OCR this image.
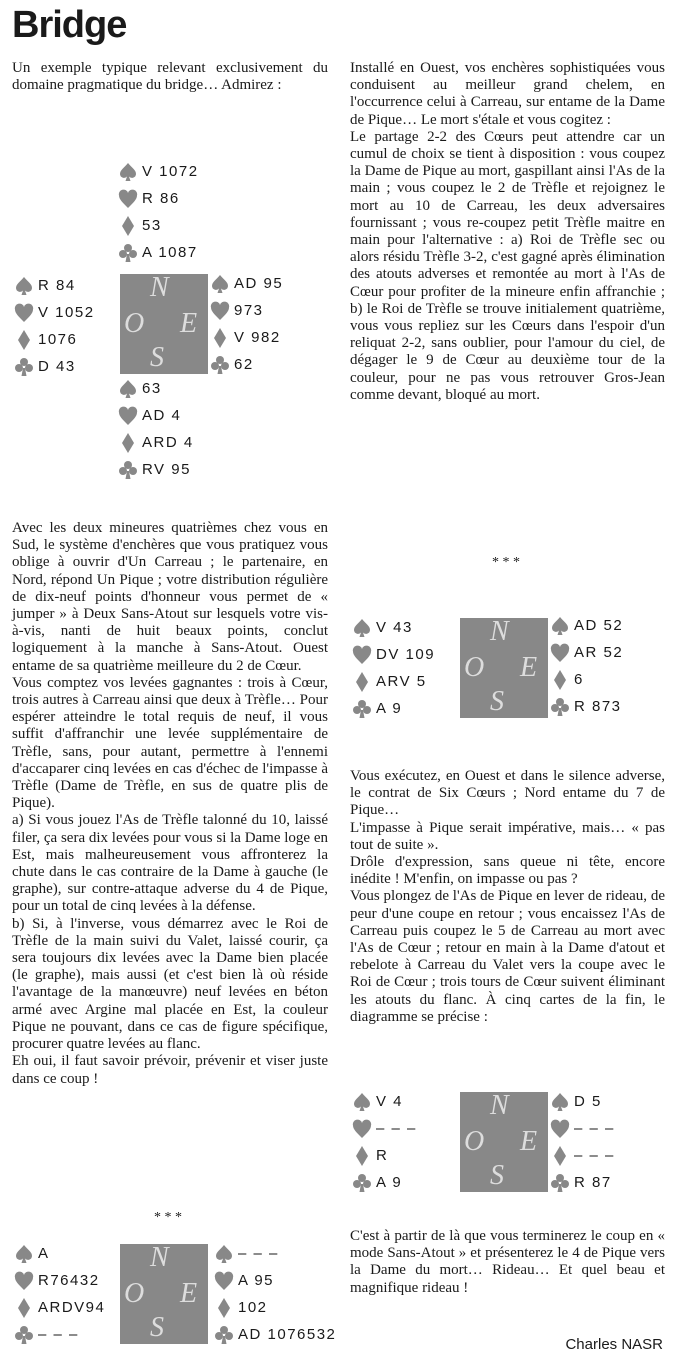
Bridge
Un exemple typique relevant exclusivement du domaine pragmatique du bridge… Admirez :
Avec les deux mineures quatrièmes chez vous en Sud, le système d'enchères que vous pratiquez vous oblige à ouvrir d'Un Carreau ; le partenaire, en Nord, répond Un Pique ; votre distribution régulière de dix-neuf points d'honneur vous permet de « jumper » à Deux Sans-Atout sur lesquels votre vis-à-vis, nanti de huit beaux points, conclut logiquement à la manche à Sans-Atout. Ouest entame de sa quatrième meilleure du 2 de Cœur.
Vous comptez vos levées gagnantes : trois à Cœur, trois autres à Carreau ainsi que deux à Trèfle… Pour espérer atteindre le total requis de neuf, il vous suffit d'affranchir une levée supplémentaire de Trèfle, sans, pour autant, permettre à l'ennemi d'accaparer cinq levées en cas d'échec de l'impasse à Trèfle (Dame de Trèfle, en sus de quatre plis de Pique).
a) Si vous jouez l'As de Trèfle talonné du 10, laissé filer, ça sera dix levées pour vous si la Dame loge en Est, mais malheureusement vous affronterez la chute dans le cas contraire de la Dame à gauche (le graphe), sur contre-attaque adverse du 4 de Pique, pour un total de cinq levées à la défense.
b) Si, à l'inverse, vous démarrez avec le Roi de Trèfle de la main suivi du Valet, laissé courir, ça sera toujours dix levées avec la Dame bien placée (le graphe), mais aussi (et c'est bien là où réside l'avantage de la manœuvre) neuf levées en béton armé avec Argine mal placée en Est, la couleur Pique ne pouvant, dans ce cas de figure spécifique, procurer quatre levées au flanc.
Eh oui, il faut savoir prévoir, prévenir et viser juste dans ce coup !
Installé en Ouest, vos enchères sophistiquées vous conduisent au meilleur grand chelem, en l'occurrence celui à Carreau, sur entame de la Dame de Pique… Le mort s'étale et vous cogitez :
Le partage 2-2 des Cœurs peut attendre car un cumul de choix se tient à disposition : vous coupez la Dame de Pique au mort, gaspillant ainsi l'As de la main ; vous coupez le 2 de Trèfle et rejoignez le mort au 10 de Carreau, les deux adversaires fournissant ; vous re-coupez petit Trèfle maitre en main pour l'alternative : a) Roi de Trèfle sec ou alors résidu Trèfle 3-2, c'est gagné après élimination des atouts adverses et remontée au mort à l'As de Cœur pour profiter de la mineure enfin affranchie ; b) le Roi de Trèfle se trouve initialement quatrième, vous vous repliez sur les Cœurs dans l'espoir d'un reliquat 2-2, sans oublier, pour l'amour du ciel, de dégager le 9 de Cœur au deuxième tour de la couleur, pour ne pas vous retrouver Gros-Jean comme devant, bloqué au mort.
Vous exécutez, en Ouest et dans le silence adverse, le contrat de Six Cœurs ; Nord entame du 7 de Pique…
L'impasse à Pique serait impérative, mais… « pas tout de suite ».
Drôle d'expression, sans queue ni tête, encore inédite ! M'enfin, on impasse ou pas ?
Vous plongez de l'As de Pique en lever de rideau, de peur d'une coupe en retour ; vous encaissez l'As de Carreau puis coupez le 5 de Carreau au mort avec l'As de Cœur ; retour en main à la Dame d'atout et rebelote à Carreau du Valet vers la coupe avec le Roi de Cœur ; trois tours de Cœur suivent éliminant les atouts du flanc. À cinq cartes de la fin, le diagramme se précise :
C'est à partir de là que vous terminerez le coup en « mode Sans-Atout » et présenterez le 4 de Pique vers la Dame du mort… Rideau… Et quel beau et magnifique rideau !
* * *
* * *
V 1072
R 86
53
A 1087
R 84
V 1052
1076
D 43
AD 95
973
V 982
62
63
AD 4
ARD 4
RV 95
N
O E
S
A
R76432
ARDV94
– – –
– – –
A 95
102
AD 1076532
N
O E
S
V 43
DV 109
ARV 5
A 9
AD 52
AR 52
6
R 873
N
O E
S
V 4
– – –
R
A 9
D 5
– – –
– – –
R 87
N
O E
S
Charles NASR
